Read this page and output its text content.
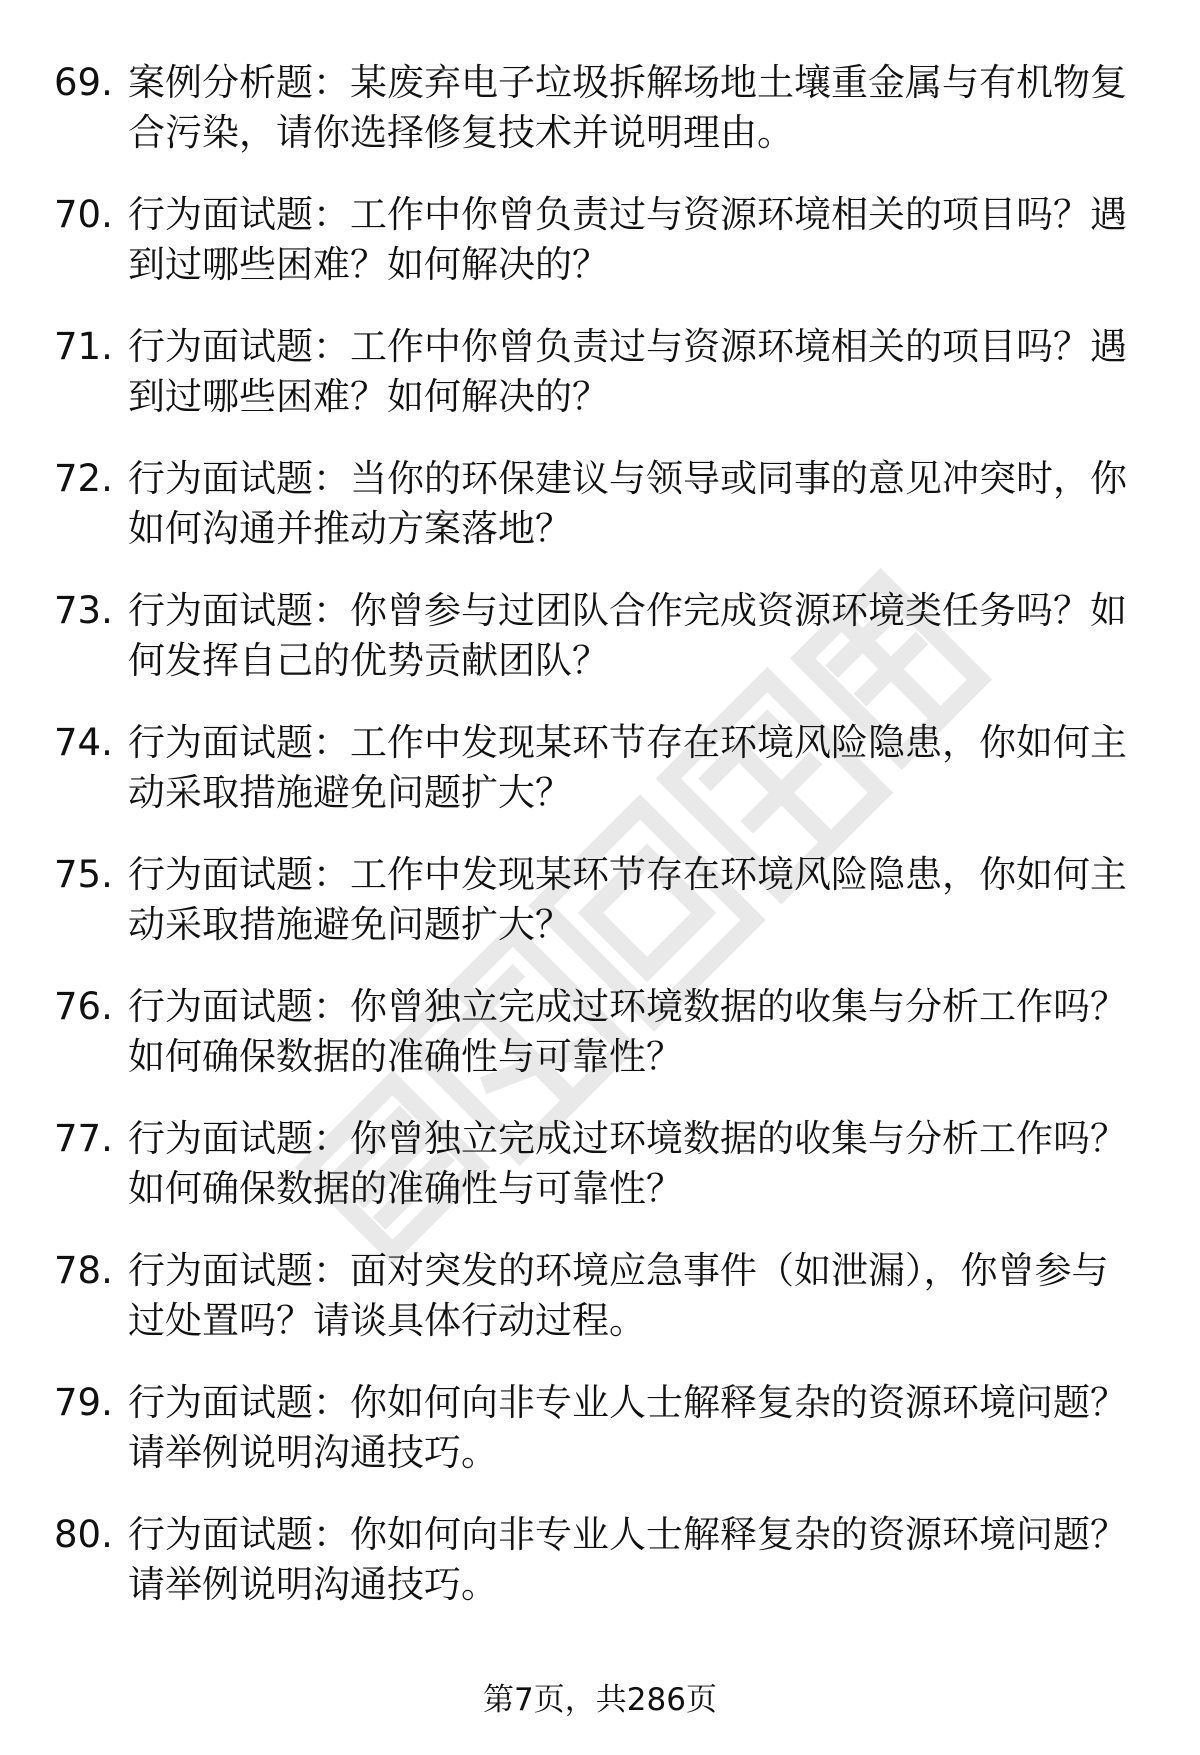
69. 案例分析题：某废弃电子垃圾拆解场地土壤重金属与有机物复合污染，请你选择修复技术并说明理由。
70. 行为面试题：工作中你曾负责过与资源环境相关的项目吗？遇到过哪些困难？如何解决的？
71. 行为面试题：工作中你曾负责过与资源环境相关的项目吗？遇到过哪些困难？如何解决的？
72. 行为面试题：当你的环保建议与领导或同事的意见冲突时，你如何沟通并推动方案落地？
73. 行为面试题：你曾参与过团队合作完成资源环境类任务吗？如何发挥自己的优势贡献团队？
74. 行为面试题：工作中发现某环节存在环境风险隐患，你如何主动采取措施避免问题扩大？
75. 行为面试题：工作中发现某环节存在环境风险隐患，你如何主动采取措施避免问题扩大？
76. 行为面试题：你曾独立完成过环境数据的收集与分析工作吗？如何确保数据的准确性与可靠性？
77. 行为面试题：你曾独立完成过环境数据的收集与分析工作吗？如何确保数据的准确性与可靠性？
78. 行为面试题：面对突发的环境应急事件（如泄漏），你曾参与过处置吗？请谈具体行动过程。
79. 行为面试题：你如何向非专业人士解释复杂的资源环境问题？请举例说明沟通技巧。
80. 行为面试题：你如何向非专业人士解释复杂的资源环境问题？请举例说明沟通技巧。
第7页，共286页
